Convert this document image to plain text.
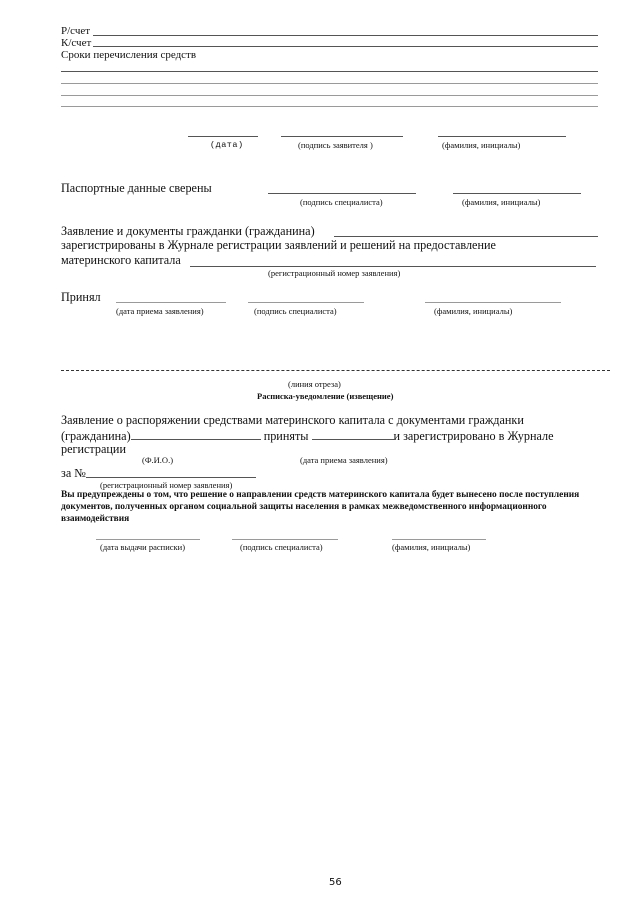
Р/счет
К/счет
Сроки перечисления средств
(дата)	(подпись заявителя )	(фамилия, инициалы)
Паспортные данные сверены
(подпись специалиста)	(фамилия, инициалы)
Заявление и документы гражданки (гражданина)
зарегистрированы в Журнале регистрации заявлений и решений на предоставление
материнского капитала
(регистрационный номер заявления)
Принял
(дата приема заявления)	(подпись специалиста)	(фамилия, инициалы)
(линия отреза)
Расписка-уведомление (извещение)
Заявление о распоряжении средствами материнского капитала с документами гражданки
(гражданина)	приняты	и зарегистрировано в Журнале
регистрации
(Ф.И.О.)	(дата приема заявления)
за №
(регистрационный номер заявления)
Вы предупреждены о том, что решение о направлении средств материнского капитала будет вынесено после поступления документов, полученных органом социальной защиты населения в рамках межведомственного информационного взаимодействия
(дата выдачи расписки)	(подпись специалиста)	(фамилия, инициалы)
56
